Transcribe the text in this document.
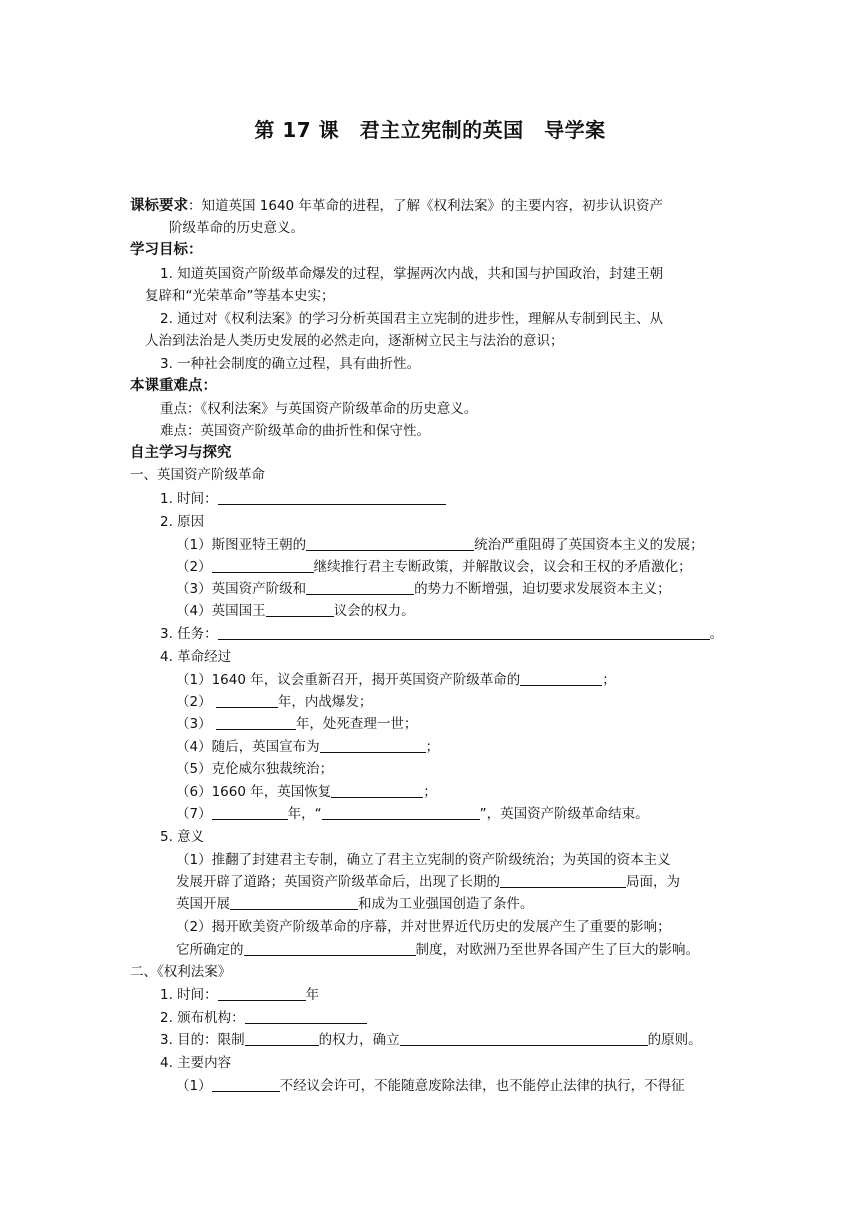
第 17 课　君主立宪制的英国　导学案
课标要求：知道英国 1640 年革命的进程，了解《权利法案》的主要内容，初步认识资产
阶级革命的历史意义。
学习目标：
1. 知道英国资产阶级革命爆发的过程，掌握两次内战，共和国与护国政治，封建王朝
复辟和“光荣革命”等基本史实；
2. 通过对《权利法案》的学习分析英国君主立宪制的进步性，理解从专制到民主、从
人治到法治是人类历史发展的必然走向，逐渐树立民主与法治的意识；
3. 一种社会制度的确立过程，具有曲折性。
本课重难点：
重点：《权利法案》与英国资产阶级革命的历史意义。
难点：英国资产阶级革命的曲折性和保守性。
自主学习与探究
一、英国资产阶级革命
1. 时间：
2. 原因
（1）斯图亚特王朝的	统治严重阻碍了英国资本主义的发展；
（2）	继续推行君主专断政策，并解散议会，议会和王权的矛盾激化；
（3）英国资产阶级和	的势力不断增强，迫切要求发展资本主义；
（4）英国国王	议会的权力。
3. 任务：	。
4. 革命经过
（1）1640 年，议会重新召开，揭开英国资产阶级革命的	；
（2）	年，内战爆发；
（3）	年，处死查理一世；
（4）随后，英国宣布为	；
（5）克伦威尔独裁统治；
（6）1660 年，英国恢复	；
（7）	年，“	”，英国资产阶级革命结束。
5. 意义
（1）推翻了封建君主专制，确立了君主立宪制的资产阶级统治；为英国的资本主义
发展开辟了道路；英国资产阶级革命后，出现了长期的	局面，为
英国开展	和成为工业强国创造了条件。
（2）揭开欧美资产阶级革命的序幕，并对世界近代历史的发展产生了重要的影响；
它所确定的	制度，对欧洲乃至世界各国产生了巨大的影响。
二、《权利法案》
1. 时间：	年
2. 颁布机构：
3. 目的：限制	的权力，确立	的原则。
4. 主要内容
（1）	不经议会许可，不能随意废除法律，也不能停止法律的执行，不得征
